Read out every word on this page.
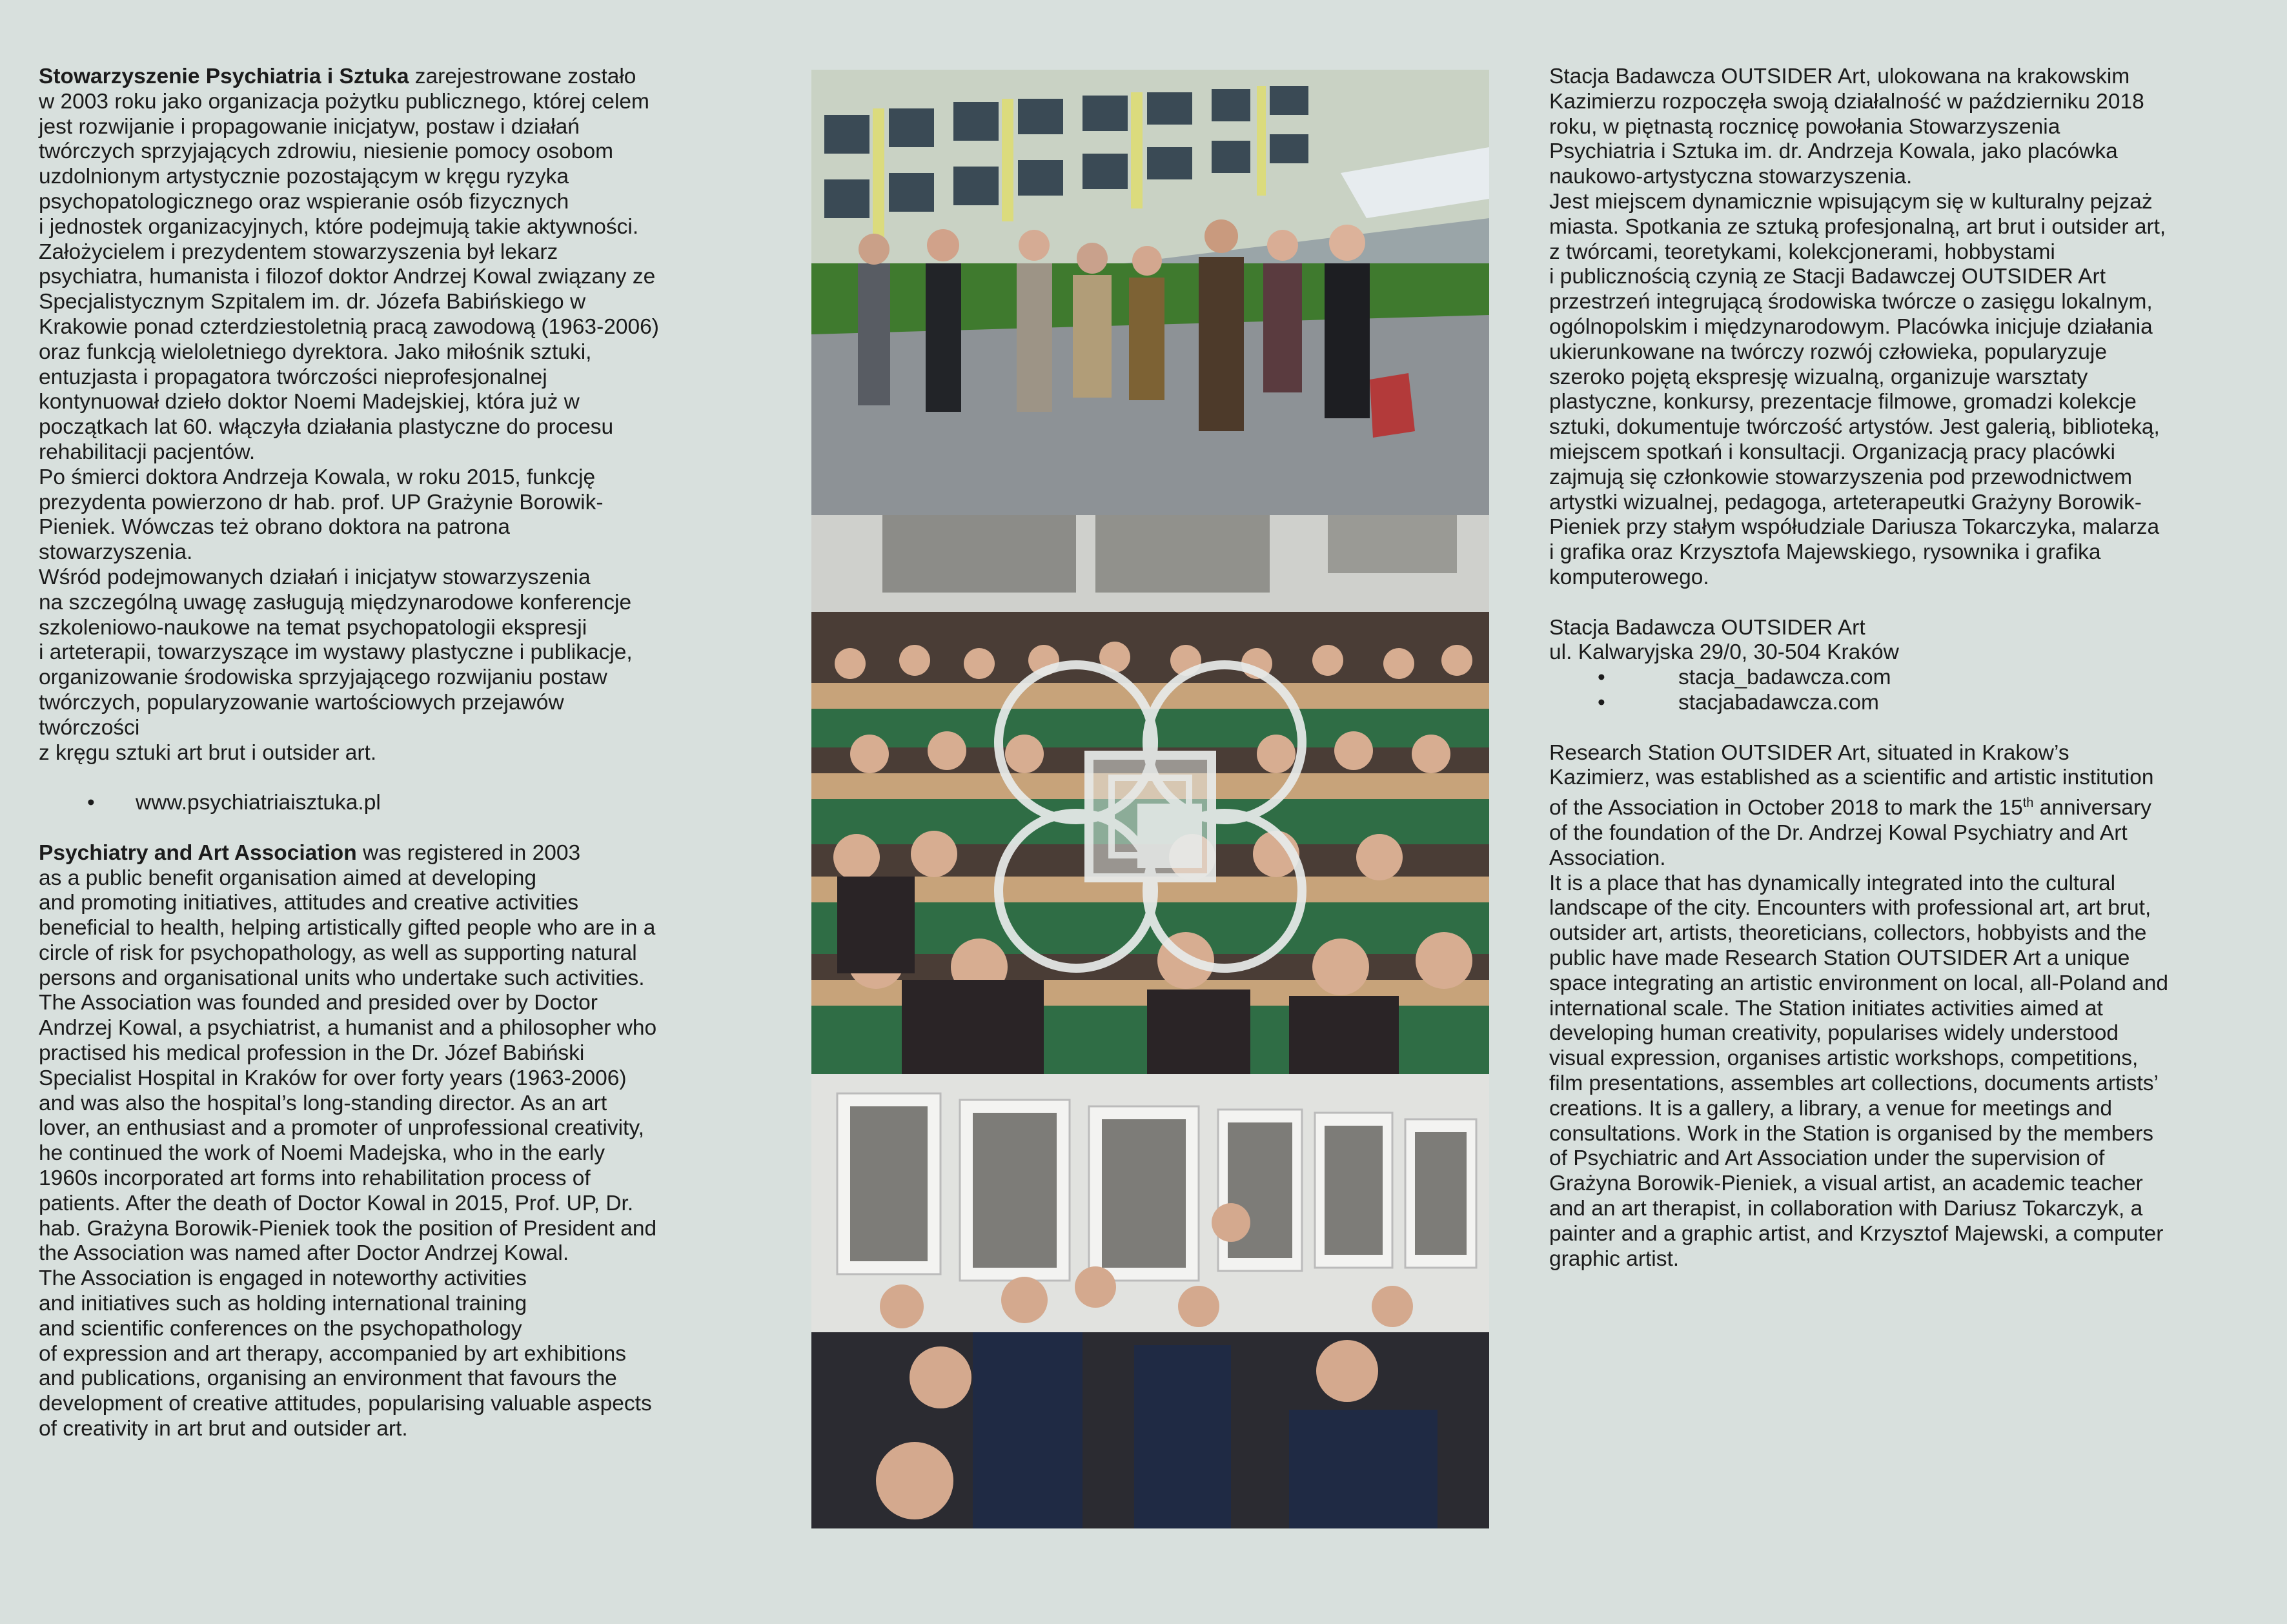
Stowarzyszenie Psychiatria i Sztuka zarejestrowane zostało
w 2003 roku jako organizacja pożytku publicznego, której celem
jest rozwijanie i propagowanie inicjatyw, postaw i działań
twórczych sprzyjających zdrowiu, niesienie pomocy osobom
uzdolnionym artystycznie pozostającym w kręgu ryzyka
psychopatologicznego oraz wspieranie osób fizycznych
i jednostek organizacyjnych, które podejmują takie aktywności.
Założycielem i prezydentem stowarzyszenia był lekarz
psychiatra, humanista i filozof doktor Andrzej Kowal związany ze
Specjalistycznym Szpitalem im. dr. Józefa Babińskiego w
Krakowie ponad czterdziestoletnią pracą zawodową (1963-2006)
oraz funkcją wieloletniego dyrektora. Jako miłośnik sztuki,
entuzjasta i propagatora twórczości nieprofesjonalnej
kontynuował dzieło doktor Noemi Madejskiej, która już w
początkach lat 60. włączyła działania plastyczne do procesu
rehabilitacji pacjentów.
Po śmierci doktora Andrzeja Kowala, w roku 2015, funkcję
prezydenta powierzono dr hab. prof. UP Grażynie Borowik-
Pieniek. Wówczas też obrano doktora na patrona
stowarzyszenia.
Wśród podejmowanych działań i inicjatyw stowarzyszenia
na szczególną uwagę zasługują międzynarodowe konferencje
szkoleniowo-naukowe na temat psychopatologii ekspresji
i arteterapii, towarzyszące im wystawy plastyczne i publikacje,
organizowanie środowiska sprzyjającego rozwijaniu postaw
twórczych, popularyzowanie wartościowych przejawów
twórczości
z kręgu sztuki art brut i outsider art.

• www.psychiatriaisztuka.pl

Psychiatry and Art Association was registered in 2003
as a public benefit organisation aimed at developing
and promoting initiatives, attitudes and creative activities
beneficial to health, helping artistically gifted people who are in a
circle of risk for psychopathology, as well as supporting natural
persons and organisational units who undertake such activities.
The Association was founded and presided over by Doctor
Andrzej Kowal, a psychiatrist, a humanist and a philosopher who
practised his medical profession in the Dr. Józef Babiński
Specialist Hospital in Kraków for over forty years (1963-2006)
and was also the hospital’s long-standing director. As an art
lover, an enthusiast and a promoter of unprofessional creativity,
he continued the work of Noemi Madejska, who in the early
1960s incorporated art forms into rehabilitation process of
patients. After the death of Doctor Kowal in 2015, Prof. UP, Dr.
hab. Grażyna Borowik-Pieniek took the position of President and
the Association was named after Doctor Andrzej Kowal.
The Association is engaged in noteworthy activities
and initiatives such as holding international training
and scientific conferences on the psychopathology
of expression and art therapy, accompanied by art exhibitions
and publications, organising an environment that favours the
development of creative attitudes, popularising valuable aspects
of creativity in art brut and outsider art.

Stacja Badawcza OUTSIDER Art, ulokowana na krakowskim
Kazimierzu rozpoczęła swoją działalność w październiku 2018
roku, w piętnastą rocznicę powołania Stowarzyszenia
Psychiatria i Sztuka im. dr. Andrzeja Kowala, jako placówka
naukowo-artystyczna stowarzyszenia.
Jest miejscem dynamicznie wpisującym się w kulturalny pejzaż
miasta. Spotkania ze sztuką profesjonalną, art brut i outsider art,
z twórcami, teoretykami, kolekcjonerami, hobbystami
i publicznością czynią ze Stacji Badawczej OUTSIDER Art
przestrzeń integrującą środowiska twórcze o zasięgu lokalnym,
ogólnopolskim i międzynarodowym. Placówka inicjuje działania
ukierunkowane na twórczy rozwój człowieka, popularyzuje
szeroko pojętą ekspresję wizualną, organizuje warsztaty
plastyczne, konkursy, prezentacje filmowe, gromadzi kolekcje
sztuki, dokumentuje twórczość artystów. Jest galerią, biblioteką,
miejscem spotkań i konsultacji. Organizacją pracy placówki
zajmują się członkowie stowarzyszenia pod przewodnictwem
artystki wizualnej, pedagoga, arteterapeutki Grażyny Borowik-
Pieniek przy stałym współudziale Dariusza Tokarczyka, malarza
i grafika oraz Krzysztofa Majewskiego, rysownika i grafika
komputerowego.

Stacja Badawcza OUTSIDER Art

ul. Kalwaryjska 29/0, 30-504 Kraków

• stacja_badawcza.com
• stacjabadawcza.com

Research Station OUTSIDER Art, situated in Krakow’s
Kazimierz, was established as a scientific and artistic institution
of the Association in October 2018 to mark the 15th anniversary
of the foundation of the Dr. Andrzej Kowal Psychiatry and Art
Association.
It is a place that has dynamically integrated into the cultural
landscape of the city. Encounters with professional art, art brut,
outsider art, artists, theoreticians, collectors, hobbyists and the
public have made Research Station OUTSIDER Art a unique
space integrating an artistic environment on local, all-Poland and
international scale. The Station initiates activities aimed at
developing human creativity, popularises widely understood
visual expression, organises artistic workshops, competitions,
film presentations, assembles art collections, documents artists’
creations. It is a gallery, a library, a venue for meetings and
consultations. Work in the Station is organised by the members
of Psychiatric and Art Association under the supervision of
Grażyna Borowik-Pieniek, a visual artist, an academic teacher
and an art therapist, in collaboration with Dariusz Tokarczyk, a
painter and a graphic artist, and Krzysztof Majewski, a computer
graphic artist.
